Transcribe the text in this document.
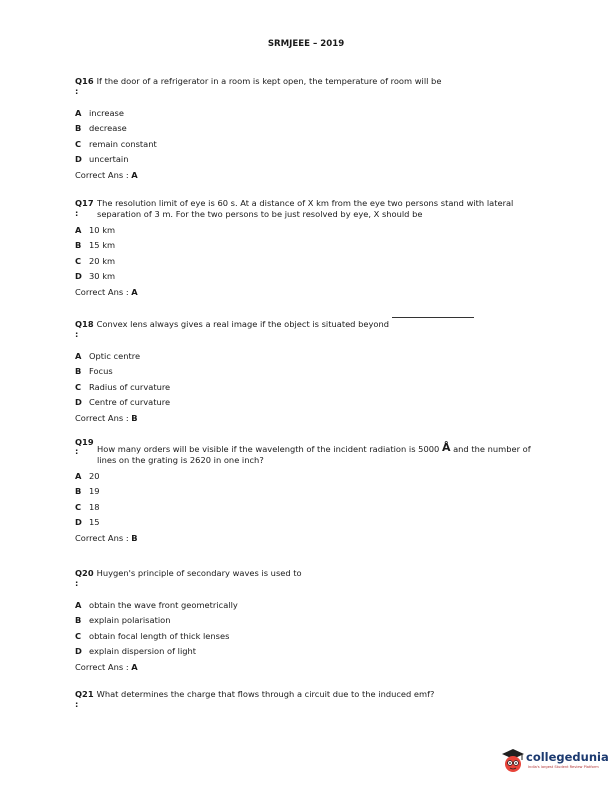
SRMJEEE – 2019
Q16 If the door of a refrigerator in a room is kept open, the temperature of room will be
:
A increase
B decrease
C remain constant
D uncertain
Correct Ans : A
Q17
:
The resolution limit of eye is 60 s. At a distance of X km from the eye two persons stand with lateral separation of 3 m. For the two persons to be just resolved by eye, X should be
A 10 km
B 15 km
C 20 km
D 30 km
Correct Ans : A
Q18 Convex lens always gives a real image if the object is situated beyond
:
A Optic centre
B Focus
C Radius of curvature
D Centre of curvature
Correct Ans : B
Q19
:	How many orders will be visible if the wavelength of the incident radiation is 5000 Å and the number of lines on the grating is 2620 in one inch?
A 20
B 19
C 18
D 15
Correct Ans : B
Q20 Huygen's principle of secondary waves is used to
:
A obtain the wave front geometrically
B explain polarisation
C obtain focal length of thick lenses
D explain dispersion of light
Correct Ans : A
Q21 What determines the charge that flows through a circuit due to the induced emf?
:
collegedunia
India's largest Student Review Platform
